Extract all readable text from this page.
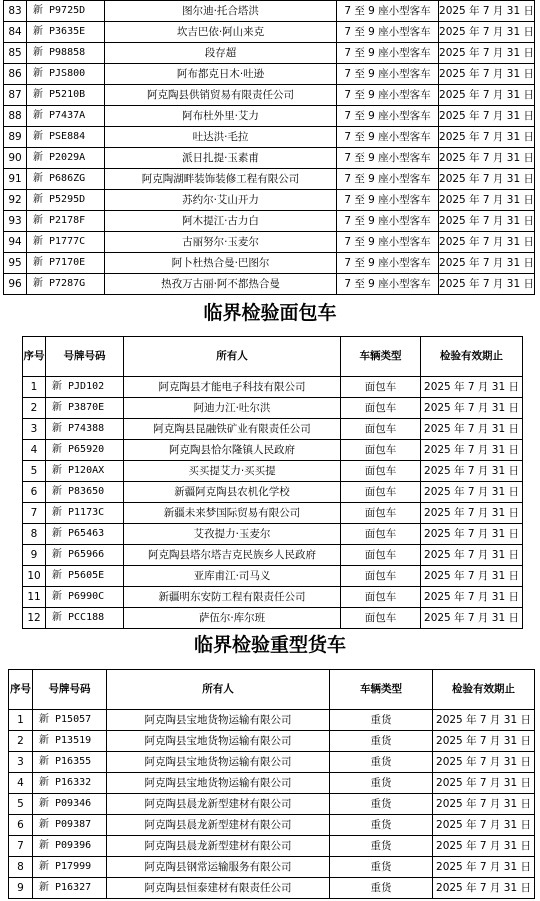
83	新 P9725D	图尔迪·托合塔洪	7 至 9 座小型客车	2025 年 7 月 31 日
84	新 P3635E	坎吉巴依·阿山来克	7 至 9 座小型客车	2025 年 7 月 31 日
85	新 P98858	段存超	7 至 9 座小型客车	2025 年 7 月 31 日
86	新 PJS800	阿布都克日木·吐逊	7 至 9 座小型客车	2025 年 7 月 31 日
87	新 P5210B	阿克陶县供销贸易有限责任公司	7 至 9 座小型客车	2025 年 7 月 31 日
88	新 P7437A	阿布杜外里·艾力	7 至 9 座小型客车	2025 年 7 月 31 日
89	新 PSE884	吐达洪·毛拉	7 至 9 座小型客车	2025 年 7 月 31 日
90	新 P2029A	派日扎提·玉素甫	7 至 9 座小型客车	2025 年 7 月 31 日
91	新 P686ZG	阿克陶湖畔装饰装修工程有限公司	7 至 9 座小型客车	2025 年 7 月 31 日
92	新 P5295D	苏约尔·艾山开力	7 至 9 座小型客车	2025 年 7 月 31 日
93	新 P2178F	阿木提江·古力白	7 至 9 座小型客车	2025 年 7 月 31 日
94	新 P1777C	古丽努尔·玉麦尔	7 至 9 座小型客车	2025 年 7 月 31 日
95	新 P7170E	阿卜杜热合曼·巴图尔	7 至 9 座小型客车	2025 年 7 月 31 日
96	新 P7287G	热孜万古丽·阿不都热合曼	7 至 9 座小型客车	2025 年 7 月 31 日
临界检验面包车
序号	号牌号码	所有人	车辆类型	检验有效期止
1	新 PJD102	阿克陶县才能电子科技有限公司	面包车	2025 年 7 月 31 日
2	新 P3870E	阿迪力江·吐尔洪	面包车	2025 年 7 月 31 日
3	新 P74388	阿克陶县昆融铁矿业有限责任公司	面包车	2025 年 7 月 31 日
4	新 P65920	阿克陶县恰尔隆镇人民政府	面包车	2025 年 7 月 31 日
5	新 P120AX	买买提艾力·买买提	面包车	2025 年 7 月 31 日
6	新 P83650	新疆阿克陶县农机化学校	面包车	2025 年 7 月 31 日
7	新 P1173C	新疆未来梦国际贸易有限公司	面包车	2025 年 7 月 31 日
8	新 P65463	艾孜提力·玉麦尔	面包车	2025 年 7 月 31 日
9	新 P65966	阿克陶县塔尔塔吉克民族乡人民政府	面包车	2025 年 7 月 31 日
10	新 P5605E	亚库甫江·司马义	面包车	2025 年 7 月 31 日
11	新 P6990C	新疆明东安防工程有限责任公司	面包车	2025 年 7 月 31 日
12	新 PCC188	萨伍尔·库尔班	面包车	2025 年 7 月 31 日
临界检验重型货车
序号	号牌号码	所有人	车辆类型	检验有效期止
1	新 P15057	阿克陶县宝地货物运输有限公司	重货	2025 年 7 月 31 日
2	新 P13519	阿克陶县宝地货物运输有限公司	重货	2025 年 7 月 31 日
3	新 P16355	阿克陶县宝地货物运输有限公司	重货	2025 年 7 月 31 日
4	新 P16332	阿克陶县宝地货物运输有限公司	重货	2025 年 7 月 31 日
5	新 P09346	阿克陶县晨龙新型建材有限公司	重货	2025 年 7 月 31 日
6	新 P09387	阿克陶县晨龙新型建材有限公司	重货	2025 年 7 月 31 日
7	新 P09396	阿克陶县晨龙新型建材有限公司	重货	2025 年 7 月 31 日
8	新 P17999	阿克陶县钢常运输服务有限公司	重货	2025 年 7 月 31 日
9	新 P16327	阿克陶县恒泰建材有限责任公司	重货	2025 年 7 月 31 日
